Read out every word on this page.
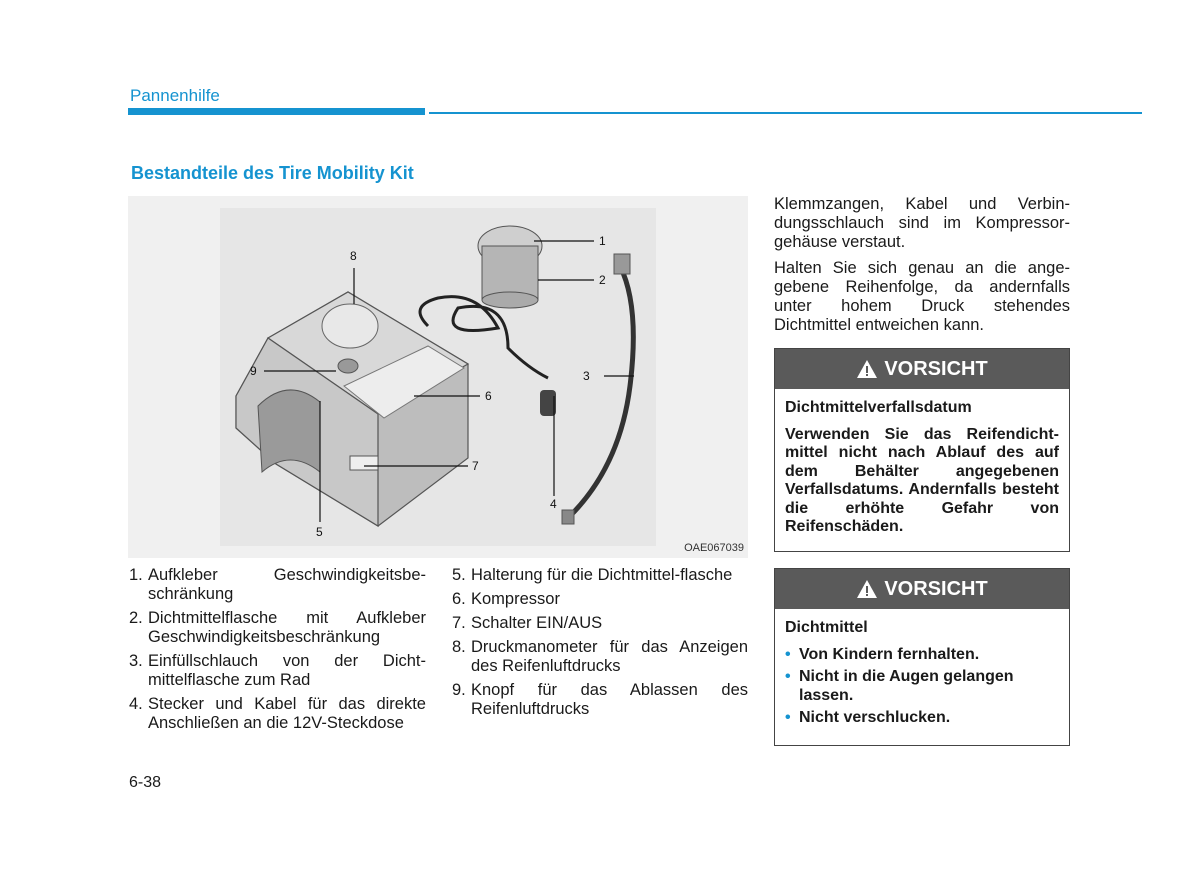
Pannenhilfe
Bestandteile des Tire Mobility Kit
1
2
3
4
5
6
7
8
9
OAE067039
1. Aufkleber Geschwindigkeitsbe-schränkung
2. Dichtmittelflasche mit Aufkleber Geschwindigkeitsbeschränkung
3. Einfüllschlauch von der Dicht-mittelflasche zum Rad
4. Stecker und Kabel für das direkte Anschließen an die 12V-Steckdose
5. Halterung für die Dichtmittel-flasche
6. Kompressor
7. Schalter EIN/AUS
8. Druckmanometer für das Anzeigen des Reifenluftdrucks
9. Knopf für das Ablassen des Reifenluftdrucks

Klemmzangen, Kabel und Verbin-dungsschlauch sind im Kompressor-gehäuse verstaut.

Halten Sie sich genau an die ange-gebene Reihenfolge, da andernfalls unter hohem Druck stehendes Dichtmittel entweichen kann.

VORSICHT

Dichtmittelverfallsdatum

Verwenden Sie das Reifendicht-mittel nicht nach Ablauf des auf dem Behälter angegebenen Verfallsdatums. Andernfalls besteht die erhöhte Gefahr von Reifenschäden.

VORSICHT

Dichtmittel

• Von Kindern fernhalten.
• Nicht in die Augen gelangen lassen.
• Nicht verschlucken.
6-38
